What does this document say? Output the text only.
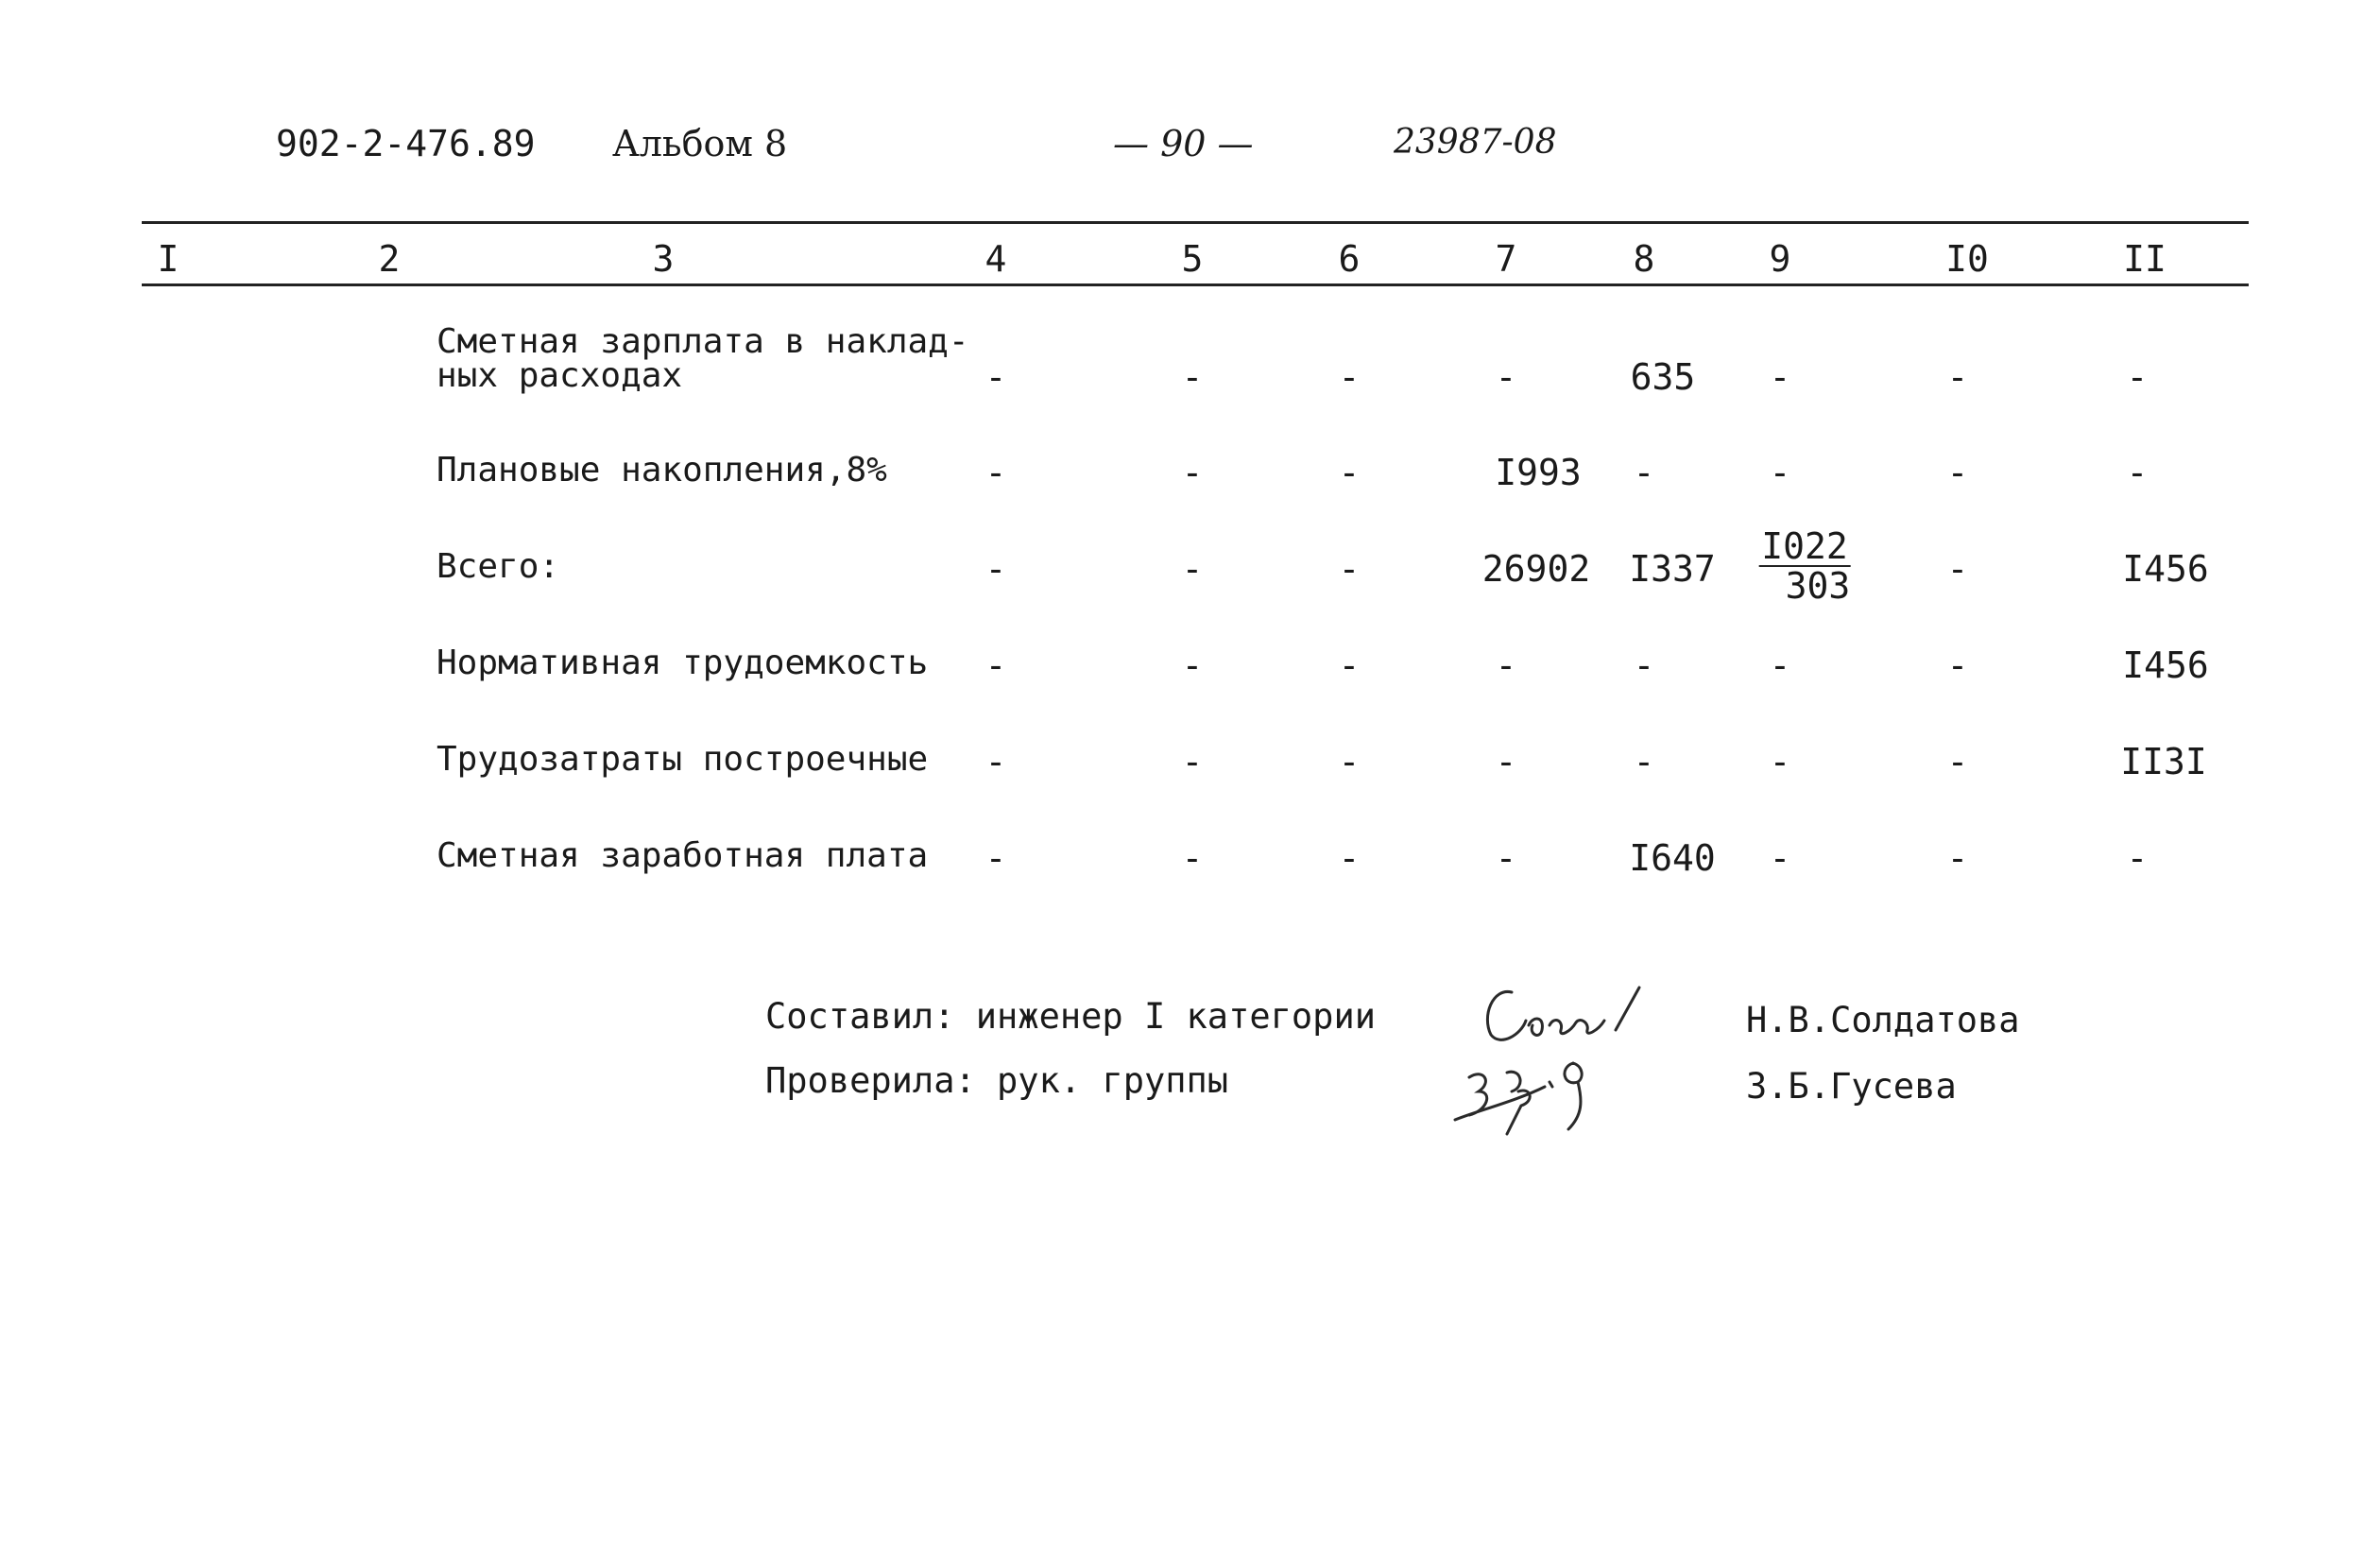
902-2-476.89 Альбом 8	— 90 —	23987-08
I	2	3	4	5	6	7	8	9	I0	II
Сметная зарплата в наклад-
ных расходах	-	-	-	-	635 -	-	-
Плановые накопления,8%	-	-	-	I993 -	-	-	-
Всего:	-	-	-	26902 $I337 \frac{I022}{303}$	-	I456
Нормативная трудоемкость -	-	-	-	-	-	-	I456
Трудозатраты построечные -	-	-	-	-	-	-	II3I
Сметная заработная плата -	-	-	-	I640 -	-	-
Составил: инженер I категории	Н.В.Солдатова
Проверила: рук. группы	З.Б.Гусева
